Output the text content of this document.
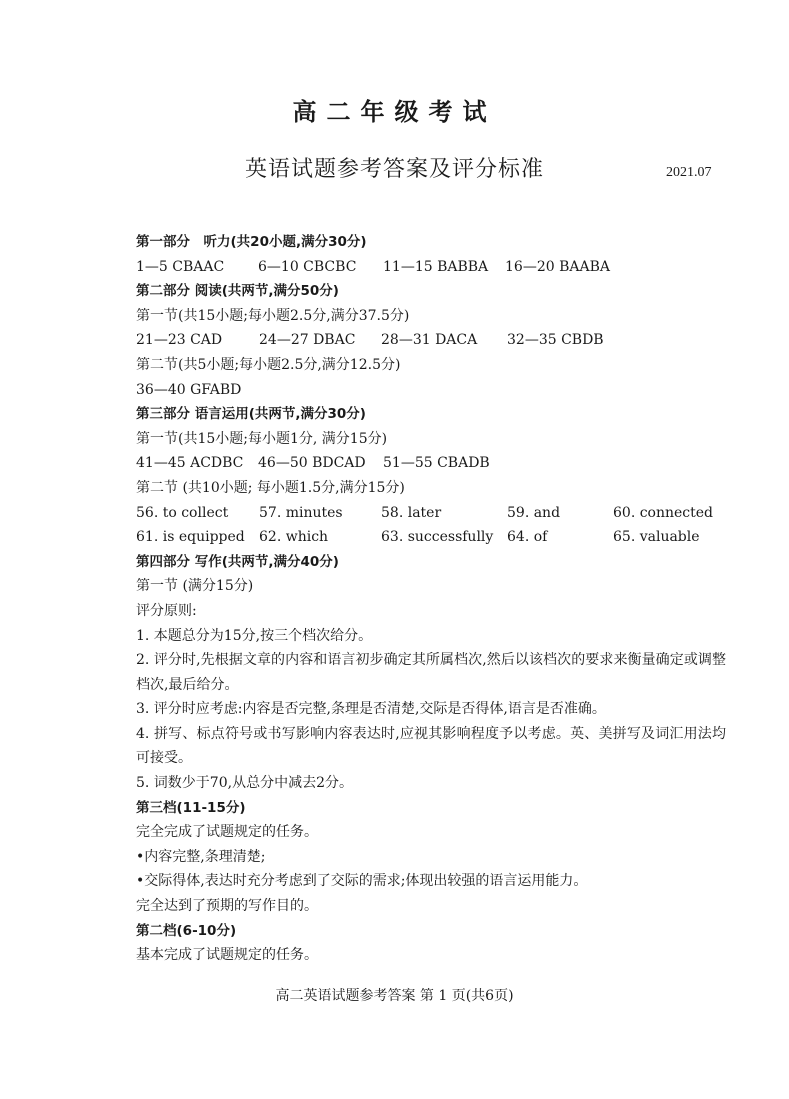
高二年级考试
英语试题参考答案及评分标准	2021.07
第一部分　听力(共20小题,满分30分)
1—5 CBAAC	6—10 CBCBC	11—15 BABBA	16—20 BAABA
第二部分 阅读(共两节,满分50分)
第一节(共15小题;每小题2.5分,满分37.5分)
21—23 CAD	24—27 DBAC	28—31 DACA	32—35 CBDB
第二节(共5小题;每小题2.5分,满分12.5分)
36—40 GFABD
第三部分 语言运用(共两节,满分30分)
第一节(共15小题;每小题1分, 满分15分)
41—45 ACDBC	46—50 BDCAD	51—55 CBADB
第二节 (共10小题; 每小题1.5分,满分15分)
56. to collect	57. minutes	58. later	59. and	60. connected
61. is equipped	62. which	63. successfully 64. of	65. valuable
第四部分 写作(共两节,满分40分)
第一节 (满分15分)
评分原则:
1. 本题总分为15分,按三个档次给分。
2. 评分时,先根据文章的内容和语言初步确定其所属档次,然后以该档次的要求来衡量确定或调整档次,最后给分。
3. 评分时应考虑:内容是否完整,条理是否清楚,交际是否得体,语言是否准确。
4. 拼写、标点符号或书写影响内容表达时,应视其影响程度予以考虑。英、美拼写及词汇用法均可接受。
5. 词数少于70,从总分中减去2分。
第三档(11-15分)
完全完成了试题规定的任务。
•内容完整,条理清楚;
•交际得体,表达时充分考虑到了交际的需求;体现出较强的语言运用能力。
完全达到了预期的写作目的。
第二档(6-10分)
基本完成了试题规定的任务。
高二英语试题参考答案 第 1 页(共6页)
